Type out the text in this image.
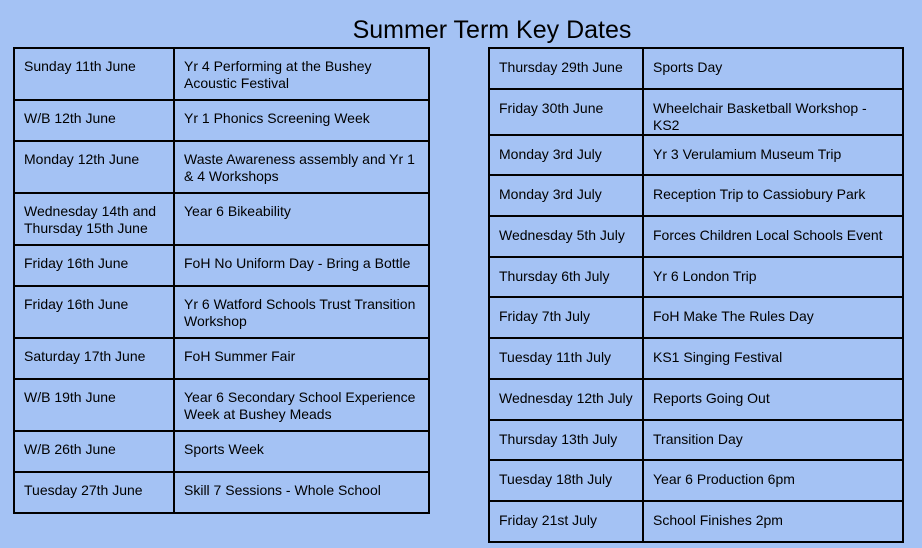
Summer Term Key Dates
Sunday 11th June	Yr 4 Performing at the Bushey Acoustic Festival
W/B 12th June	Yr 1 Phonics Screening Week
Monday 12th June	Waste Awareness assembly and Yr 1 & 4 Workshops
Wednesday 14th and Thursday 15th June	Year 6 Bikeability
Friday 16th June	FoH No Uniform Day - Bring a Bottle
Friday 16th June	Yr 6 Watford Schools Trust Transition Workshop
Saturday 17th June	FoH Summer Fair
W/B 19th June	Year 6 Secondary School Experience Week at Bushey Meads
W/B 26th June	Sports Week
Tuesday 27th June	Skill 7 Sessions - Whole School
Thursday 29th June	Sports Day
Friday 30th June	Wheelchair Basketball Workshop - KS2
Monday 3rd July	Yr 3 Verulamium Museum Trip
Monday 3rd July	Reception Trip to Cassiobury Park
Wednesday 5th July	Forces Children Local Schools Event
Thursday 6th July	Yr 6 London Trip
Friday 7th July	FoH Make The Rules Day
Tuesday 11th July	KS1 Singing Festival
Wednesday 12th July	Reports Going Out
Thursday 13th July	Transition Day
Tuesday 18th July	Year 6 Production 6pm
Friday 21st July	School Finishes 2pm
